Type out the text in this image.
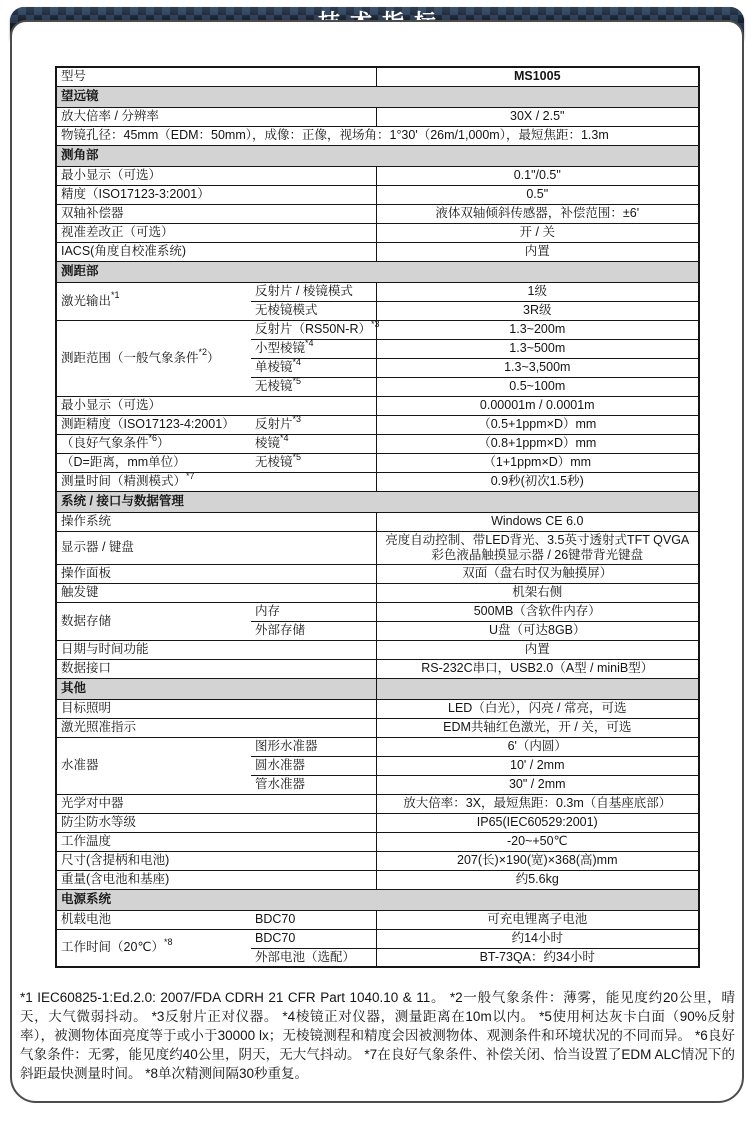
型号		MS1005
望远镜		
放大倍率 / 分辨率		30X / 2.5"
物镜孔径：45mm（EDM：50mm），成像：正像，视场角：1°30'（26m/1,000m），最短焦距：1.3m		
测角部		
最小显示（可选）		0.1"/0.5"
精度（ISO17123-3:2001）		0.5"
双轴补偿器		液体双轴倾斜传感器，补偿范围：±6'
视准差改正（可选）		开 / 关
IACS(角度自校准系统)		内置
测距部		
激光输出$^{*1}$	反射片 / 棱镜模式	1级
	无棱镜模式	3R级
测距范围（一般气象条件$^{*2}$）	反射片$(RS50N-R)^{*3}$	1.3~200m
	小型棱镜$^{*4}$	1.3~500m
	单棱镜$^{*4}$	1.3~3,500m
	无棱镜$^{*5}$	0.5~100m
最小显示（可选）		0.00001m / 0.0001m
测距精度（ISO17123-4:2001）	反射片$^{*3}$	（0.5+1ppm×D）mm
（良好气象条件$^{*6}$）	棱镜$^{*4}$	（0.8+1ppm×D）mm
（D=距离，mm单位）	无棱镜$^{*5}$	（1+1ppm×D）mm
测量时间（精测模式）$^{*7}$		0.9秒(初次1.5秒)
系统 / 接口与数据管理		
操作系统		Windows CE 6.0
显示器 / 键盘		亮度自动控制、带LED背光、3.5英寸透射式TFT QVGA彩色液晶触摸显示器 / 26键带背光键盘
操作面板		双面（盘右时仅为触摸屏）
触发键		机架右侧
数据存储	内存	500MB（含软件内存）
	外部存储	U盘（可达8GB）
日期与时间功能		内置
数据接口		RS-232C串口，USB2.0（A型 / miniB型）
其他		
目标照明		LED（白光），闪亮 / 常亮，可选
激光照准指示		EDM共轴红色激光，开 / 关，可选
水准器	图形水准器	6'（内圆）
	圆水准器	10' / 2mm
	管水准器	30" / 2mm
光学对中器		放大倍率：3X，最短焦距：0.3m（自基座底部）
防尘防水等级		IP65(IEC60529:2001)
工作温度		-20~+50℃
尺寸(含提柄和电池)		207(长)×190(宽)×368(高)mm
重量(含电池和基座)		约5.6kg
电源系统		
机载电池	BDC70	可充电锂离子电池
工作时间（20℃）$^{*8}$	BDC70	约14小时
	外部电池（选配）	BT-73QA：约34小时
*1 IEC60825-1:Ed.2.0: 2007/FDA CDRH 21 CFR Part 1040.10 & 11。 *2一般气象条件：薄雾，能见度约20公里，晴天，大气微弱抖动。 *3反射片正对仪器。 *4棱镜正对仪器，测量距离在10m以内。 *5使用柯达灰卡白面（90%反射率），被测物体面亮度等于或小于30000 lx；无棱镜测程和精度会因被测物体、观测条件和环境状况的不同而异。 *6良好气象条件：无雾，能见度约40公里，阴天，无大气抖动。 *7在良好气象条件、补偿关闭、恰当设置了EDM ALC情况下的斜距最快测量时间。 *8单次精测间隔30秒重复。
